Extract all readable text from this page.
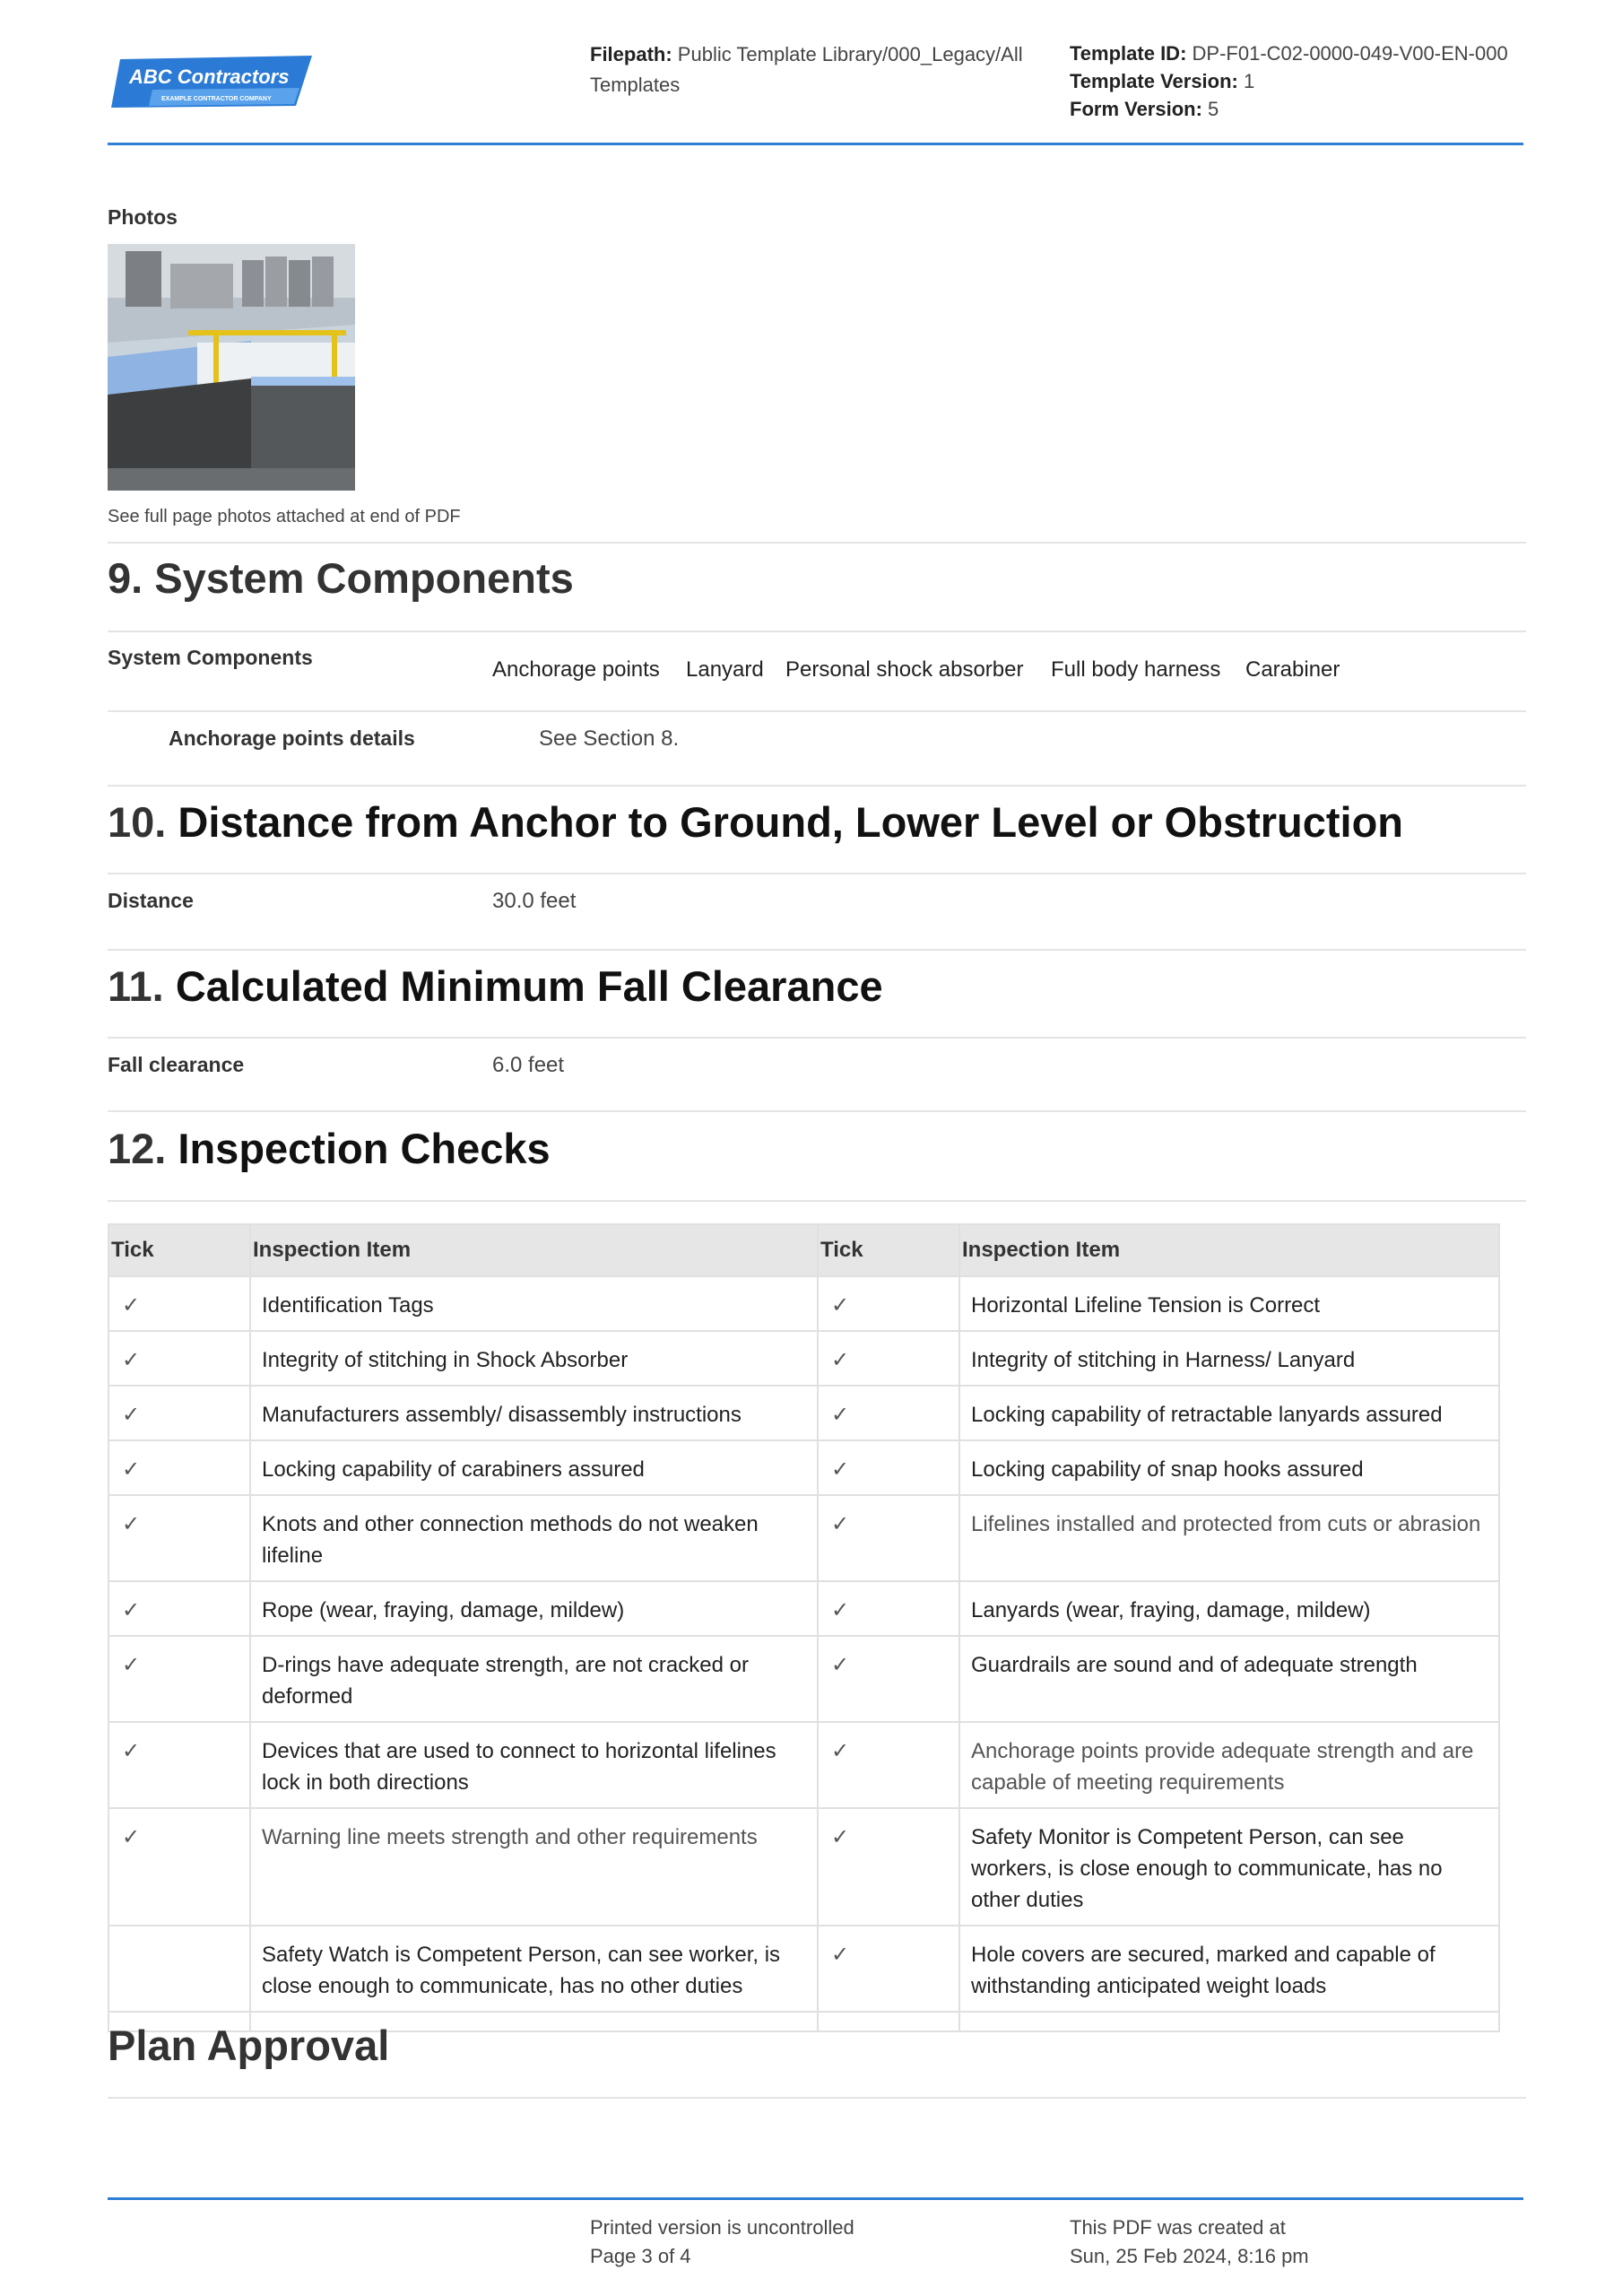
ABC Contractors
EXAMPLE CONTRACTOR COMPANY
Filepath: Public Template Library/000_Legacy/All
Templates
Template ID: DP-F01-C02-0000-049-V00-EN-000
Template Version: 1
Form Version: 5
Photos
See full page photos attached at end of PDF
9. System Components
System Components	Anchorage points Lanyard Personal shock absorber Full body harness Carabiner
Anchorage points details	See Section 8.
10. Distance from Anchor to Ground, Lower Level or Obstruction
Distance	30.0 feet
11. Calculated Minimum Fall Clearance
Fall clearance	6.0 feet
12. Inspection Checks
Tick	Inspection Item	Tick	Inspection Item
✓	Identification Tags	✓	Horizontal Lifeline Tension is Correct
✓	Integrity of stitching in Shock Absorber	✓	Integrity of stitching in Harness/ Lanyard
✓	Manufacturers assembly/ disassembly instructions	✓	Locking capability of retractable lanyards assured
✓	Locking capability of carabiners assured	✓	Locking capability of snap hooks assured
✓	Knots and other connection methods do not weaken lifeline	✓	Lifelines installed and protected from cuts or abrasion
✓	Rope (wear, fraying, damage, mildew)	✓	Lanyards (wear, fraying, damage, mildew)
✓	D-rings have adequate strength, are not cracked or deformed	✓	Guardrails are sound and of adequate strength
✓	Devices that are used to connect to horizontal lifelines lock in both directions	✓	Anchorage points provide adequate strength and are capable of meeting requirements
✓	Warning line meets strength and other requirements	✓	Safety Monitor is Competent Person, can see workers, is close enough to communicate, has no other duties
	Safety Watch is Competent Person, can see worker, is close enough to communicate, has no other duties	✓	Hole covers are secured, marked and capable of withstanding anticipated weight loads

Plan Approval
Printed version is uncontrolled
Page 3 of 4
This PDF was created at
Sun, 25 Feb 2024, 8:16 pm
